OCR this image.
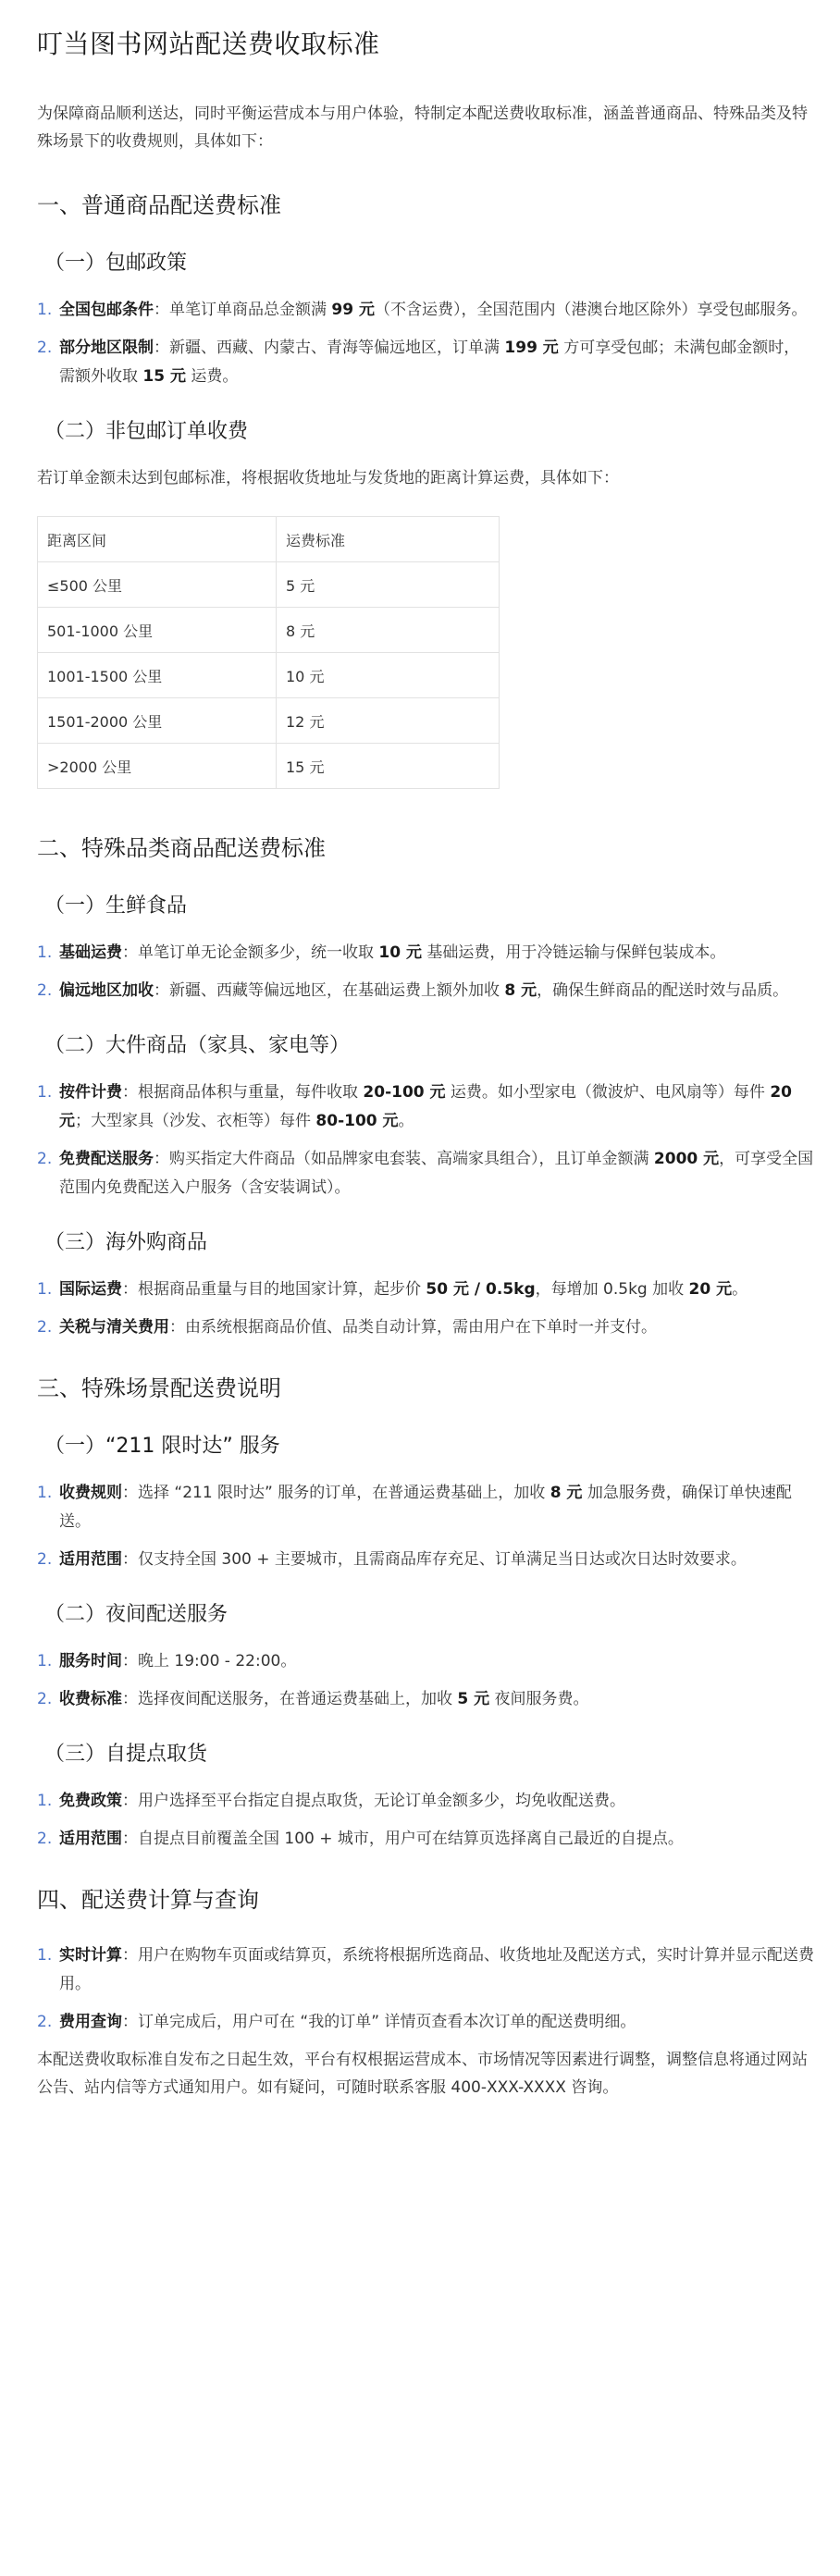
叮当图书网站配送费收取标准

为保障商品顺利送达，同时平衡运营成本与用户体验，特制定本配送费收取标准，涵盖普通商品、特殊品类及特殊场景下的收费规则，具体如下：

一、普通商品配送费标准
（一）包邮政策
1. 全国包邮条件：单笔订单商品总金额满 99 元（不含运费），全国范围内（港澳台地区除外）享受包邮服务。
2. 部分地区限制：新疆、西藏、内蒙古、青海等偏远地区，订单满 199 元 方可享受包邮；未满包邮金额时，需额外收取 15 元 运费。
（二）非包邮订单收费

若订单金额未达到包邮标准，将根据收货地址与发货地的距离计算运费，具体如下：

距离区间	运费标准
≤500 公里	5 元
501-1000 公里	8 元
1001-1500 公里	10 元
1501-2000 公里	12 元
>2000 公里	15 元
二、特殊品类商品配送费标准
（一）生鲜食品
1. 基础运费：单笔订单无论金额多少，统一收取 10 元 基础运费，用于冷链运输与保鲜包装成本。
2. 偏远地区加收：新疆、西藏等偏远地区，在基础运费上额外加收 8 元，确保生鲜商品的配送时效与品质。
（二）大件商品（家具、家电等）
1. 按件计费：根据商品体积与重量，每件收取 20-100 元 运费。如小型家电（微波炉、电风扇等）每件 20 元；大型家具（沙发、衣柜等）每件 80-100 元。
2. 免费配送服务：购买指定大件商品（如品牌家电套装、高端家具组合），且订单金额满 2000 元，可享受全国范围内免费配送入户服务（含安装调试）。
（三）海外购商品
1. 国际运费：根据商品重量与目的地国家计算，起步价 50 元 / 0.5kg，每增加 0.5kg 加收 20 元。
2. 关税与清关费用：由系统根据商品价值、品类自动计算，需由用户在下单时一并支付。
三、特殊场景配送费说明
（一）“211 限时达” 服务
1. 收费规则：选择 “211 限时达” 服务的订单，在普通运费基础上，加收 8 元 加急服务费，确保订单快速配送。
2. 适用范围：仅支持全国 300 + 主要城市，且需商品库存充足、订单满足当日达或次日达时效要求。
（二）夜间配送服务
1. 服务时间：晚上 19:00 - 22:00。
2. 收费标准：选择夜间配送服务，在普通运费基础上，加收 5 元 夜间服务费。
（三）自提点取货
1. 免费政策：用户选择至平台指定自提点取货，无论订单金额多少，均免收配送费。
2. 适用范围：自提点目前覆盖全国 100 + 城市，用户可在结算页选择离自己最近的自提点。
四、配送费计算与查询
1. 实时计算：用户在购物车页面或结算页，系统将根据所选商品、收货地址及配送方式，实时计算并显示配送费用。
2. 费用查询：订单完成后，用户可在 “我的订单” 详情页查看本次订单的配送费明细。

本配送费收取标准自发布之日起生效，平台有权根据运营成本、市场情况等因素进行调整，调整信息将通过网站公告、站内信等方式通知用户。如有疑问，可随时联系客服 400-XXX-XXXX 咨询。
